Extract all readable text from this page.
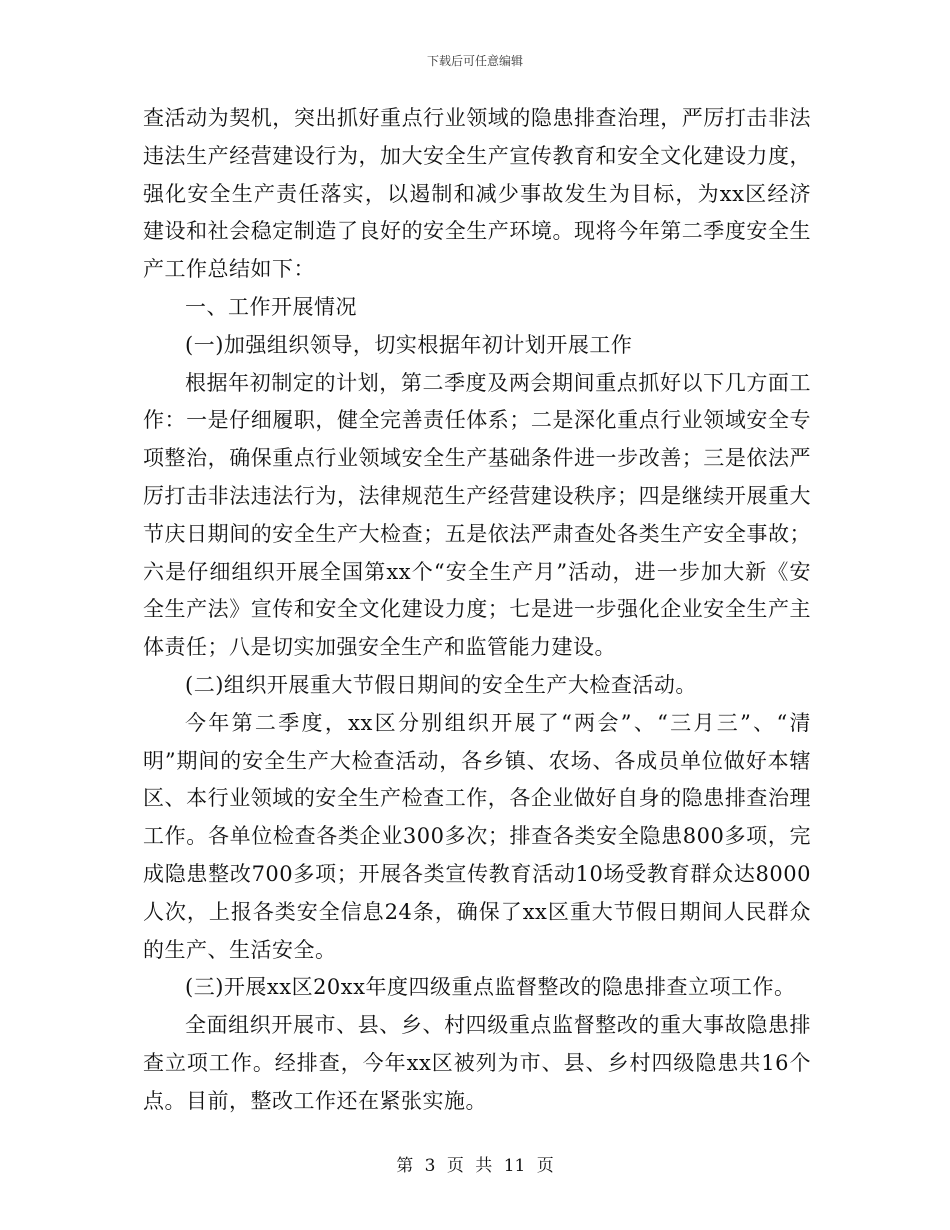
下载后可任意编辑

查活动为契机，突出抓好重点行业领域的隐患排查治理，严厉打击非法违法生产经营建设行为，加大安全生产宣传教育和安全文化建设力度，强化安全生产责任落实，以遏制和减少事故发生为目标，为xx区经济建设和社会稳定制造了良好的安全生产环境。现将今年第二季度安全生产工作总结如下：

一、工作开展情况

(一)加强组织领导，切实根据年初计划开展工作

根据年初制定的计划，第二季度及两会期间重点抓好以下几方面工作：一是仔细履职，健全完善责任体系；二是深化重点行业领域安全专项整治，确保重点行业领域安全生产基础条件进一步改善；三是依法严厉打击非法违法行为，法律规范生产经营建设秩序；四是继续开展重大节庆日期间的安全生产大检查；五是依法严肃查处各类生产安全事故；六是仔细组织开展全国第xx个“安全生产月”活动，进一步加大新《安全生产法》宣传和安全文化建设力度；七是进一步强化企业安全生产主体责任；八是切实加强安全生产和监管能力建设。

(二)组织开展重大节假日期间的安全生产大检查活动。

今年第二季度，xx区分别组织开展了“两会”、“三月三”、“清明”期间的安全生产大检查活动，各乡镇、农场、各成员单位做好本辖区、本行业领域的安全生产检查工作，各企业做好自身的隐患排查治理工作。各单位检查各类企业300多次；排查各类安全隐患800多项，完成隐患整改700多项；开展各类宣传教育活动10场受教育群众达8000人次，上报各类安全信息24条，确保了xx区重大节假日期间人民群众的生产、生活安全。

(三)开展xx区20xx年度四级重点监督整改的隐患排查立项工作。

全面组织开展市、县、乡、村四级重点监督整改的重大事故隐患排查立项工作。经排查，今年xx区被列为市、县、乡村四级隐患共16个点。目前，整改工作还在紧张实施。

第 3 页 共 11 页
